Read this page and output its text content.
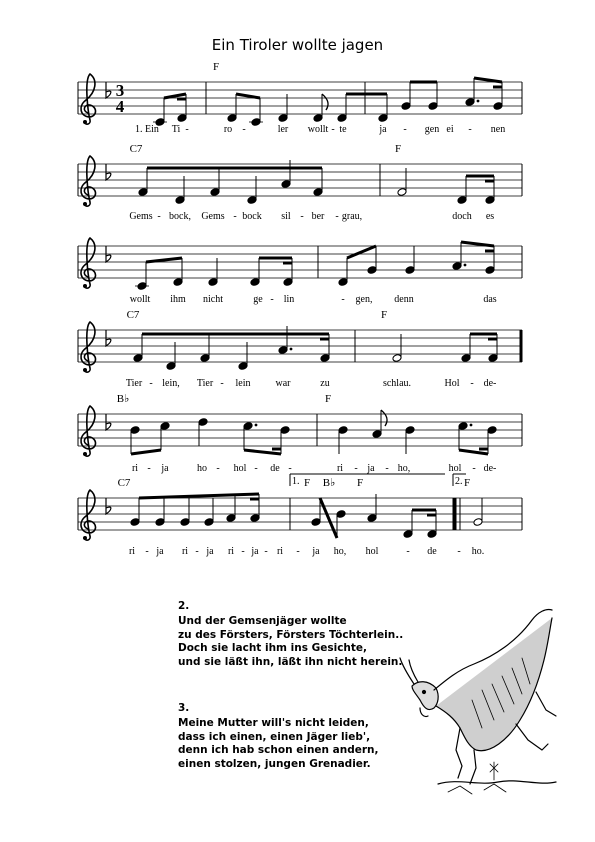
Ein Tiroler wollte jagen
3
4
F
1. Ein Ti -	ro -	ler wollt - te	ja - gen ei - nen
C7	F
Gems - bock, Gems - bock sil - ber - grau,	doch es
wollt ihm nicht	ge - lin	- gen, denn	das
C7	F
Tier - lein, Tier - lein	war	zu	schlau.	Hol - de-
B♭	F
ri - ja	ho - hol - de -	ri - ja - ho,	hol - de-
1.	2.
C7	F B♭ F	F
ri - ja ri - ja ri - ja - ri - ja ho, hol	- de - ho.
2.
Und der Gemsenjäger wollte
zu des Försters, Försters Töchterlein..
Doch sie lacht ihm ins Gesichte,
und sie läßt ihn, läßt ihn nicht herein.
3.
Meine Mutter will's nicht leiden,
dass ich einen, einen Jäger lieb',
denn ich hab schon einen andern,
einen stolzen, jungen Grenadier.
